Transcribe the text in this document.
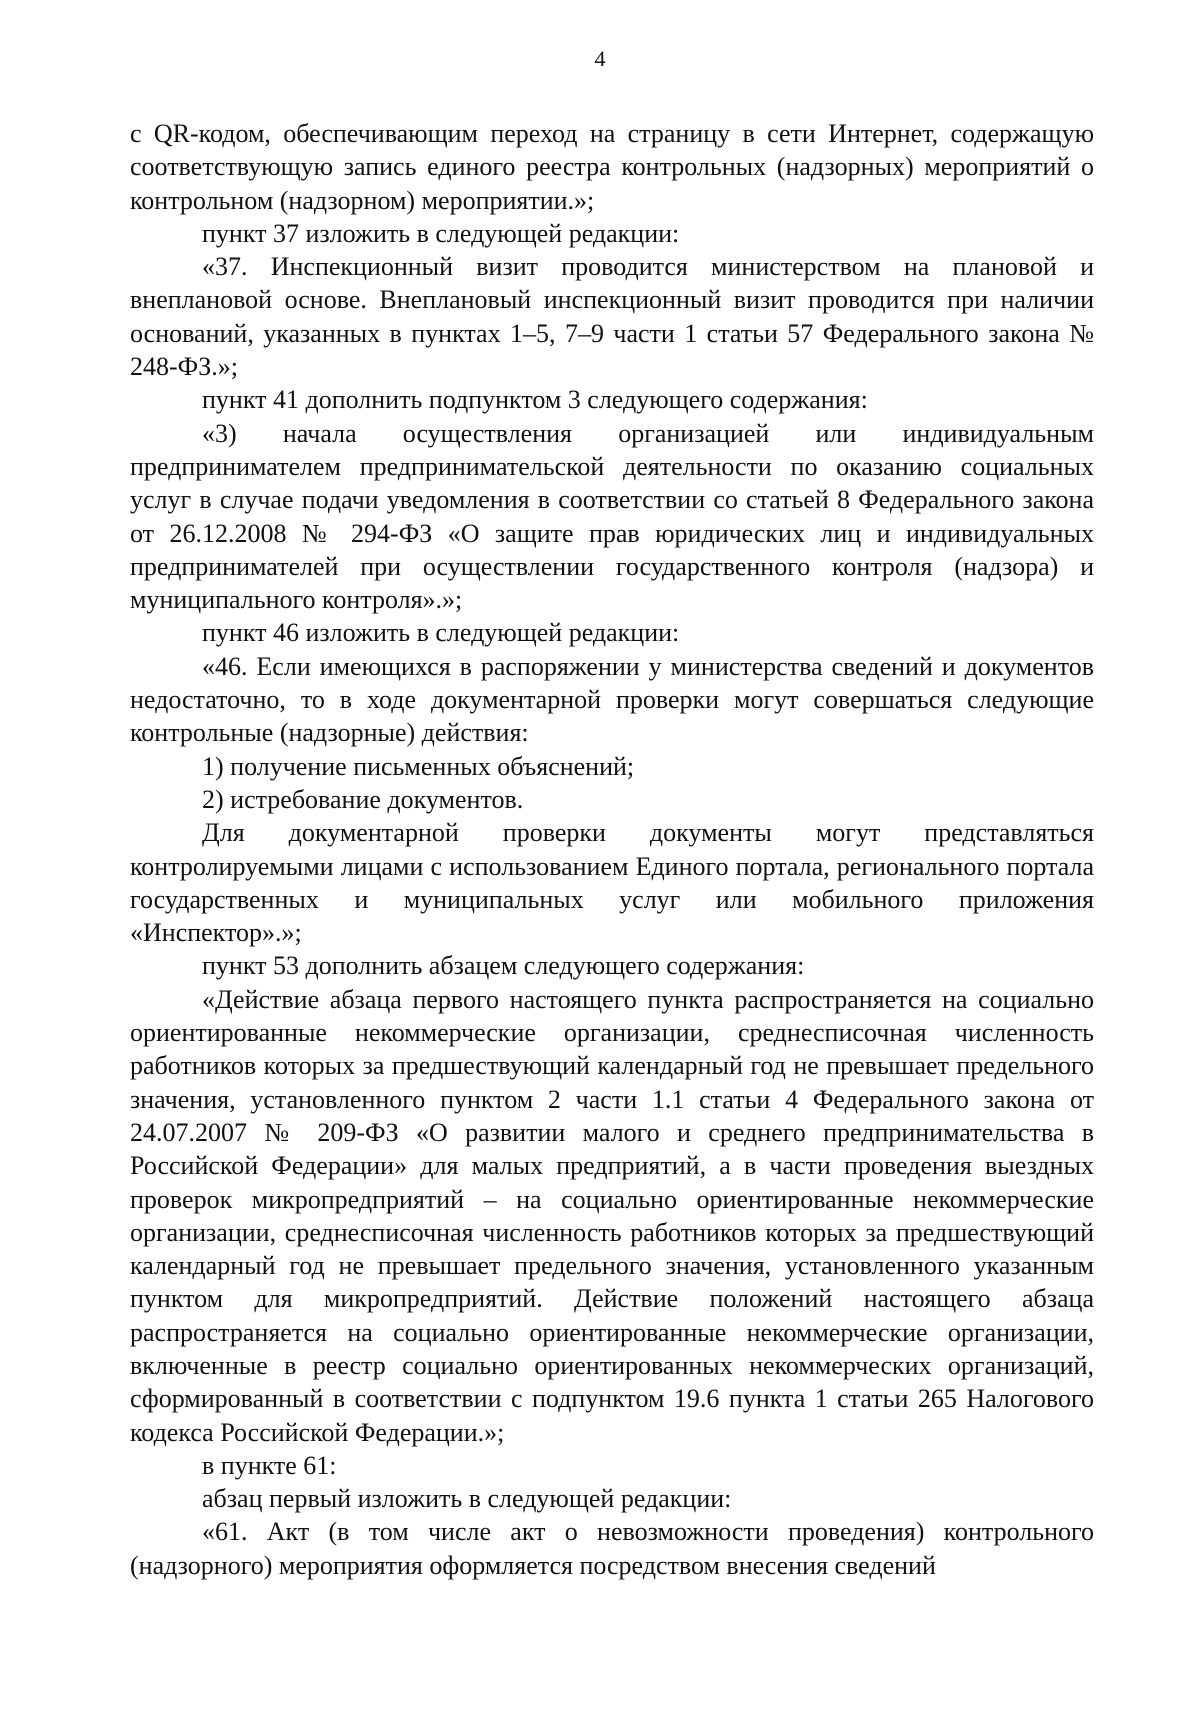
4

с QR-кодом, обеспечивающим переход на страницу в сети Интернет, содержащую соответствующую запись единого реестра контрольных (надзорных) мероприятий о контрольном (надзорном) мероприятии.»;

пункт 37 изложить в следующей редакции:

«37. Инспекционный визит проводится министерством на плановой и внеплановой основе. Внеплановый инспекционный визит проводится при наличии оснований, указанных в пунктах 1–5, 7–9 части 1 статьи 57 Федерального закона № 248-ФЗ.»;

пункт 41 дополнить подпунктом 3 следующего содержания:

«3) начала осуществления организацией или индивидуальным предпринимателем предпринимательской деятельности по оказанию социальных услуг в случае подачи уведомления в соответствии со статьей 8 Федерального закона от 26.12.2008 № 294-ФЗ «О защите прав юридических лиц и индивидуальных предпринимателей при осуществлении государственного контроля (надзора) и муниципального контроля».»;

пункт 46 изложить в следующей редакции:

«46. Если имеющихся в распоряжении у министерства сведений и документов недостаточно, то в ходе документарной проверки могут совершаться следующие контрольные (надзорные) действия:

1) получение письменных объяснений;

2) истребование документов.

Для документарной проверки документы могут представляться контролируемыми лицами с использованием Единого портала, регионального портала государственных и муниципальных услуг или мобильного приложения «Инспектор».»;

пункт 53 дополнить абзацем следующего содержания:

«Действие абзаца первого настоящего пункта распространяется на социально ориентированные некоммерческие организации, среднесписочная численность работников которых за предшествующий календарный год не превышает предельного значения, установленного пунктом 2 части 1.1 статьи 4 Федерального закона от 24.07.2007 № 209-ФЗ «О развитии малого и среднего предпринимательства в Российской Федерации» для малых предприятий, а в части проведения выездных проверок микропредприятий – на социально ориентированные некоммерческие организации, среднесписочная численность работников которых за предшествующий календарный год не превышает предельного значения, установленного указанным пунктом для микропредприятий. Действие положений настоящего абзаца распространяется на социально ориентированные некоммерческие организации, включенные в реестр социально ориентированных некоммерческих организаций, сформированный в соответствии с подпунктом 19.6 пункта 1 статьи 265 Налогового кодекса Российской Федерации.»;

в пункте 61:

абзац первый изложить в следующей редакции:

«61. Акт (в том числе акт о невозможности проведения) контрольного (надзорного) мероприятия оформляется посредством внесения сведений
